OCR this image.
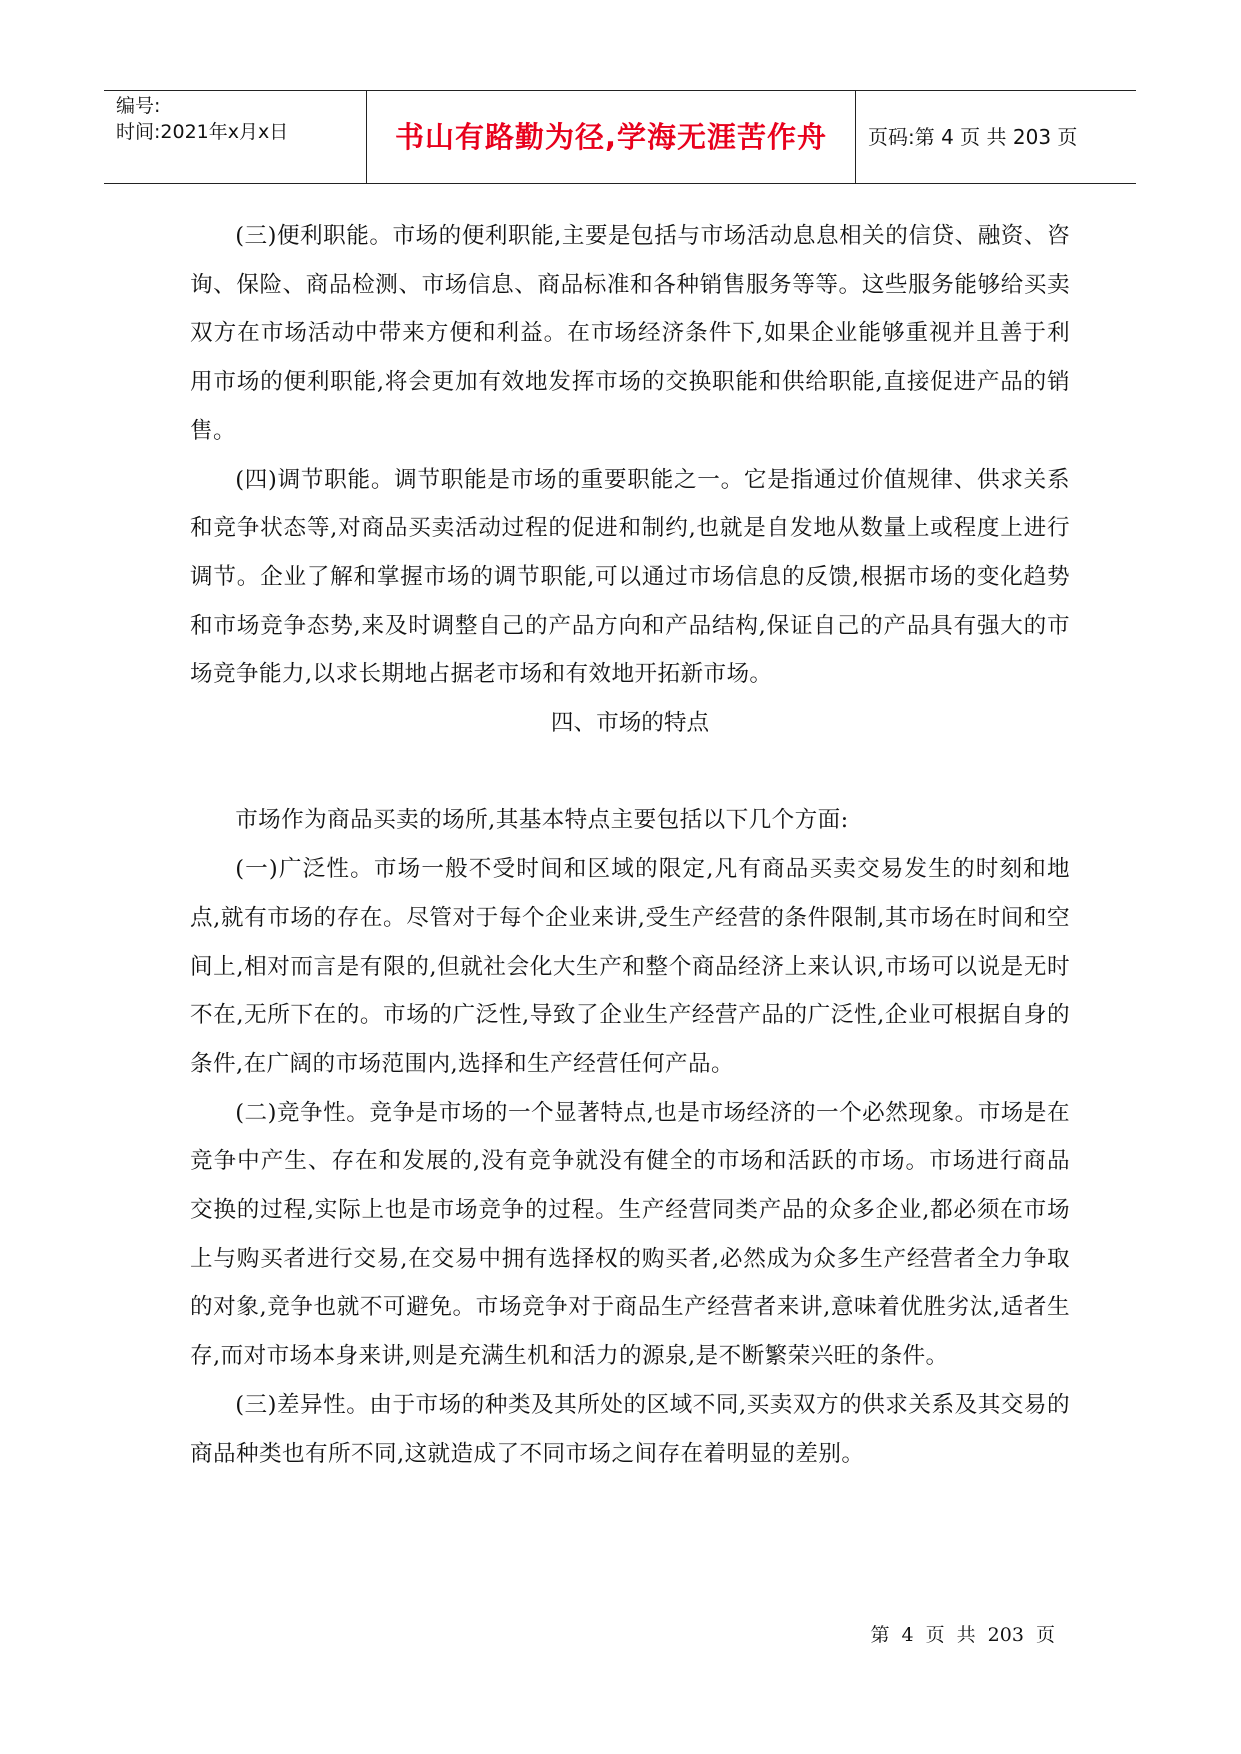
编号:
时间:2021年x月x日	书山有路勤为径,学海无涯苦作舟	页码:第 4 页 共 203 页

(三)便利职能。市场的便利职能,主要是包括与市场活动息息相关的信贷、融资、咨询、保险、商品检测、市场信息、商品标准和各种销售服务等等。这些服务能够给买卖双方在市场活动中带来方便和利益。在市场经济条件下,如果企业能够重视并且善于利用市场的便利职能,将会更加有效地发挥市场的交换职能和供给职能,直接促进产品的销售。

(四)调节职能。调节职能是市场的重要职能之一。它是指通过价值规律、供求关系和竞争状态等,对商品买卖活动过程的促进和制约,也就是自发地从数量上或程度上进行调节。企业了解和掌握市场的调节职能,可以通过市场信息的反馈,根据市场的变化趋势和市场竞争态势,来及时调整自己的产品方向和产品结构,保证自己的产品具有强大的市场竞争能力,以求长期地占据老市场和有效地开拓新市场。

四、市场的特点

市场作为商品买卖的场所,其基本特点主要包括以下几个方面:

(一)广泛性。市场一般不受时间和区域的限定,凡有商品买卖交易发生的时刻和地点,就有市场的存在。尽管对于每个企业来讲,受生产经营的条件限制,其市场在时间和空间上,相对而言是有限的,但就社会化大生产和整个商品经济上来认识,市场可以说是无时不在,无所下在的。市场的广泛性,导致了企业生产经营产品的广泛性,企业可根据自身的条件,在广阔的市场范围内,选择和生产经营任何产品。

(二)竞争性。竞争是市场的一个显著特点,也是市场经济的一个必然现象。市场是在竞争中产生、存在和发展的,没有竞争就没有健全的市场和活跃的市场。市场进行商品交换的过程,实际上也是市场竞争的过程。生产经营同类产品的众多企业,都必须在市场上与购买者进行交易,在交易中拥有选择权的购买者,必然成为众多生产经营者全力争取的对象,竞争也就不可避免。市场竞争对于商品生产经营者来讲,意味着优胜劣汰,适者生存,而对市场本身来讲,则是充满生机和活力的源泉,是不断繁荣兴旺的条件。

(三)差异性。由于市场的种类及其所处的区域不同,买卖双方的供求关系及其交易的商品种类也有所不同,这就造成了不同市场之间存在着明显的差别。

第 4 页 共 203 页
